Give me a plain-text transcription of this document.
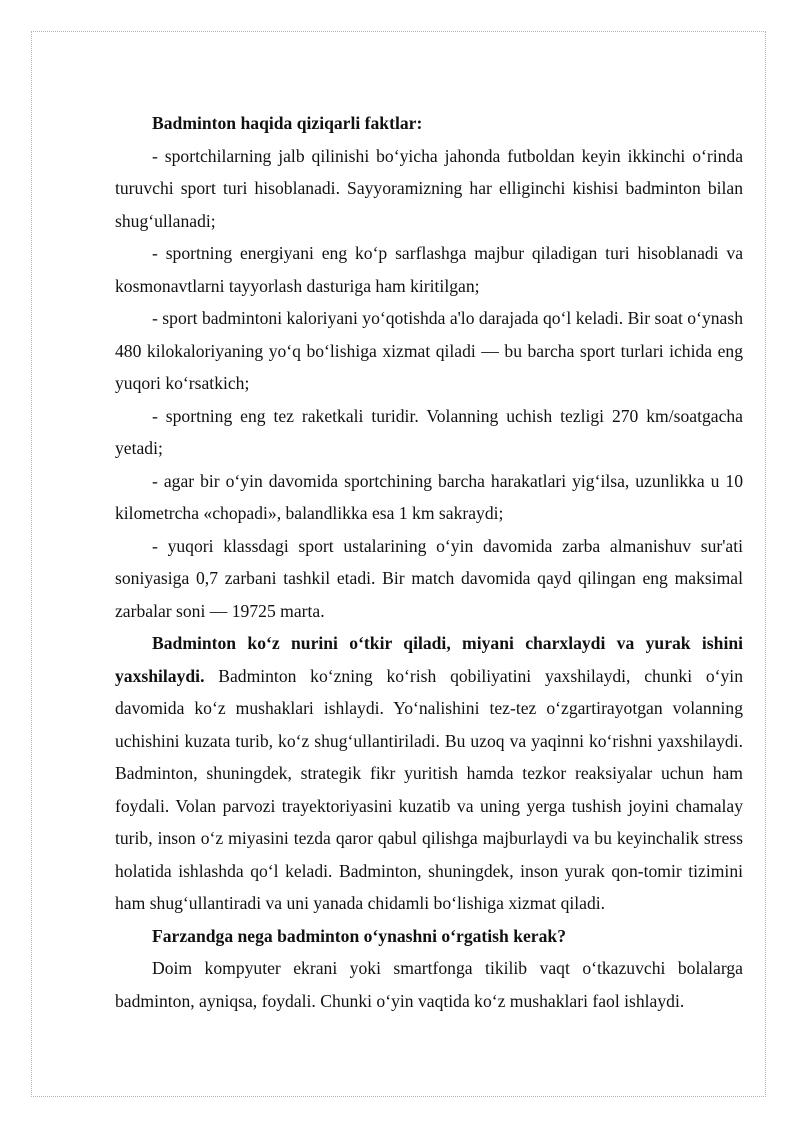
Badminton haqida qiziqarli faktlar:

- sportchilarning jalb qilinishi bo‘yicha jahonda futboldan keyin ikkinchi o‘rinda turuvchi sport turi hisoblanadi. Sayyoramizning har elliginchi kishisi badminton bilan shug‘ullanadi;

- sportning energiyani eng ko‘p sarflashga majbur qiladigan turi hisoblanadi va kosmonavtlarni tayyorlash dasturiga ham kiritilgan;

- sport badmintoni kaloriyani yo‘qotishda a'lo darajada qo‘l keladi. Bir soat o‘ynash 480 kilokaloriyaning yo‘q bo‘lishiga xizmat qiladi — bu barcha sport turlari ichida eng yuqori ko‘rsatkich;

- sportning eng tez raketkali turidir. Volanning uchish tezligi 270 km/soatgacha yetadi;

- agar bir o‘yin davomida sportchining barcha harakatlari yig‘ilsa, uzunlikka u 10 kilometrcha «chopadi», balandlikka esa 1 km sakraydi;

- yuqori klassdagi sport ustalarining o‘yin davomida zarba almanishuv sur'ati soniyasiga 0,7 zarbani tashkil etadi. Bir match davomida qayd qilingan eng maksimal zarbalar soni — 19725 marta.

Badminton ko‘z nurini o‘tkir qiladi, miyani charxlaydi va yurak ishini yaxshilaydi. Badminton ko‘zning ko‘rish qobiliyatini yaxshilaydi, chunki o‘yin davomida ko‘z mushaklari ishlaydi. Yo‘nalishini tez-tez o‘zgartirayotgan volanning uchishini kuzata turib, ko‘z shug‘ullantiriladi. Bu uzoq va yaqinni ko‘rishni yaxshilaydi. Badminton, shuningdek, strategik fikr yuritish hamda tezkor reaksiyalar uchun ham foydali. Volan parvozi trayektoriyasini kuzatib va uning yerga tushish joyini chamalay turib, inson o‘z miyasini tezda qaror qabul qilishga majburlaydi va bu keyinchalik stress holatida ishlashda qo‘l keladi. Badminton, shuningdek, inson yurak qon-tomir tizimini ham shug‘ullantiradi va uni yanada chidamli bo‘lishiga xizmat qiladi.

Farzandga nega badminton o‘ynashni o‘rgatish kerak?

Doim kompyuter ekrani yoki smartfonga tikilib vaqt o‘tkazuvchi bolalarga badminton, ayniqsa, foydali. Chunki o‘yin vaqtida ko‘z mushaklari faol ishlaydi.
